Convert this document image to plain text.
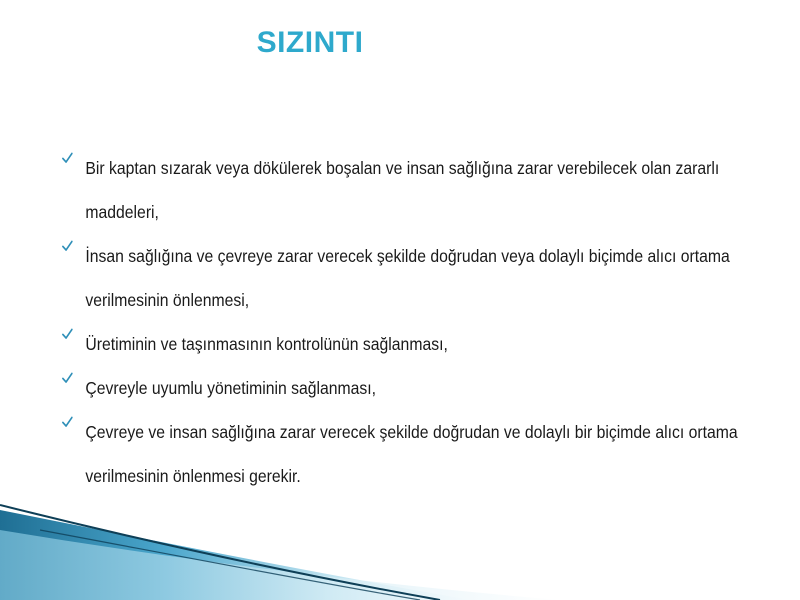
SIZINTI
Bir kaptan sızarak veya dökülerek boşalan ve insan sağlığına zarar verebilecek olan zararlı maddeleri,
İnsan sağlığına ve çevreye zarar verecek şekilde doğrudan veya dolaylı biçimde alıcı ortama verilmesinin önlenmesi,
Üretiminin ve taşınmasının kontrolünün sağlanması,
Çevreyle uyumlu yönetiminin sağlanması,
Çevreye ve insan sağlığına zarar verecek şekilde doğrudan ve dolaylı bir biçimde alıcı ortama verilmesinin önlenmesi gerekir.
